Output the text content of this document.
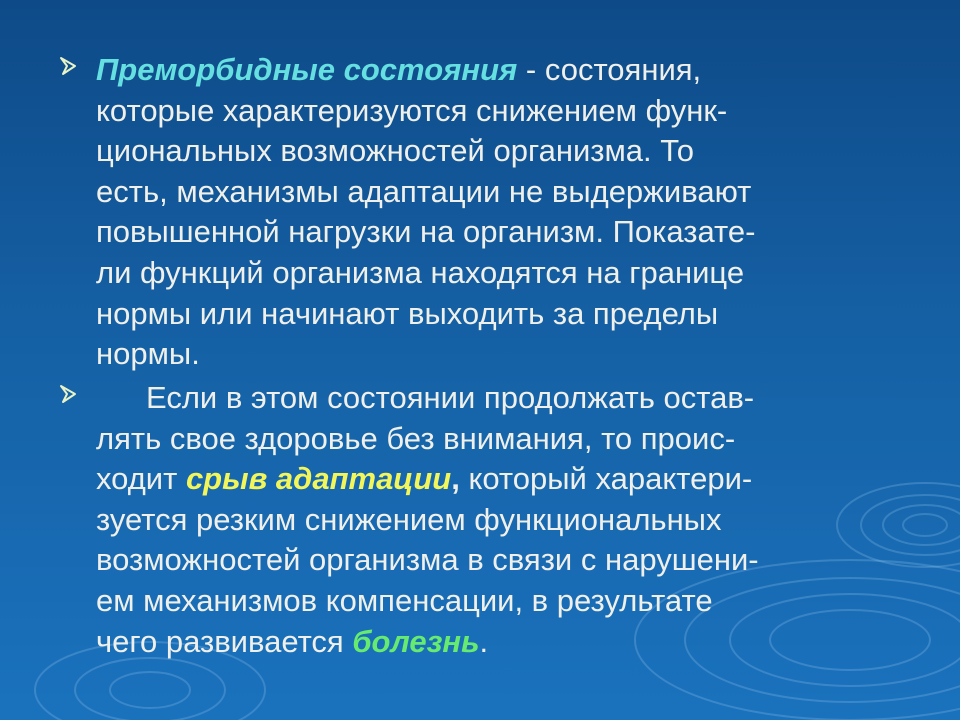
Преморбидные состояния - состояния,
которые характеризуются снижением функ-
циональных возможностей организма. То
есть, механизмы адаптации не выдерживают
повышенной нагрузки на организм. Показате-
ли функций организма находятся на границе
нормы или начинают выходить за пределы
нормы.

Если в этом состоянии продолжать остав-
лять свое здоровье без внимания, то проис-
ходит срыв адаптации, который характери-
зуется резким снижением функциональных
возможностей организма в связи с нарушени-
ем механизмов компенсации, в результате
чего развивается болезнь.
